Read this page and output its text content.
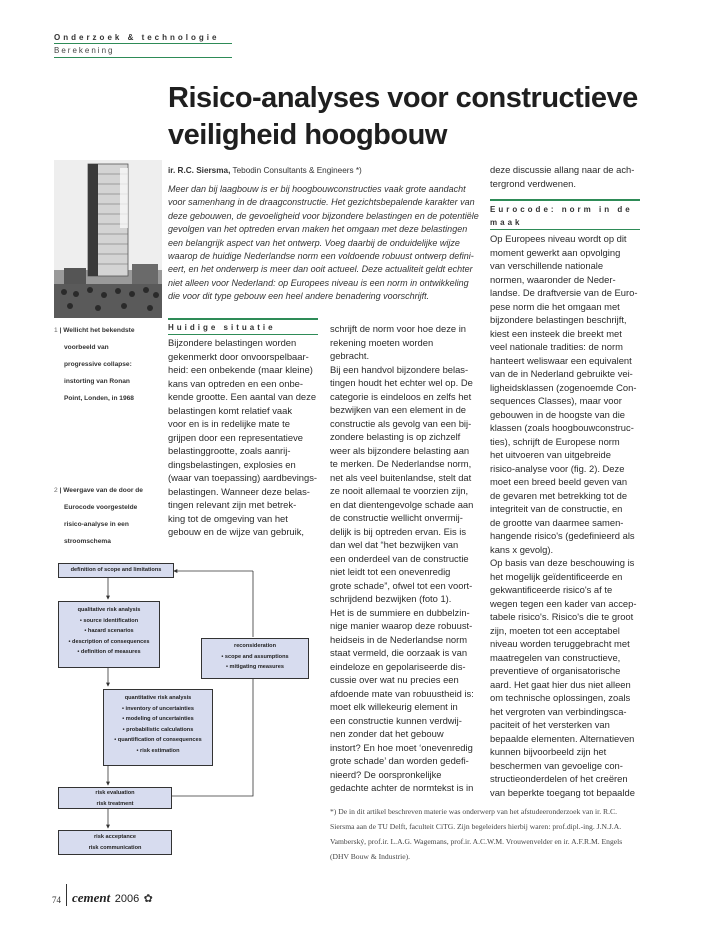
Onderzoek & technologie
Berekening
Risico-analyses voor constructieve
veiligheid hoogbouw
ir. R.C. Siersma, Tebodin Consultants & Engineers *)
Meer dan bij laagbouw is er bij hoogbouwconstructies vaak grote aandacht
voor samenhang in de draagconstructie. Het gezichtsbepalende karakter van
deze gebouwen, de gevoeligheid voor bijzondere belastingen en de potentiële
gevolgen van het optreden ervan maken het omgaan met deze belastingen
een belangrijk aspect van het ontwerp. Voeg daarbij de onduidelijke wijze
waarop de huidige Nederlandse norm een voldoende robuust ontwerp defini-
eert, en het onderwerp is meer dan ooit actueel. Deze actualiteit geldt echter
niet alleen voor Nederland: op Europees niveau is een norm in ontwikkeling
die voor dit type gebouw een heel andere benadering voorschrijft.
1 | Wellicht het bekendste
voorbeeld van
progressive collapse:
instorting van Ronan
Point, Londen, in 1968
2 | Weergave van de door de
Eurocode voorgestelde
risico-analyse in een
stroomschema
Huidige situatie
Bijzondere belastingen worden
gekenmerkt door onvoorspelbaar-
heid: een onbekende (maar kleine)
kans van optreden en een onbe-
kende grootte. Een aantal van deze
belastingen komt relatief vaak
voor en is in redelijke mate te
grijpen door een representatieve
belastinggrootte, zoals aanrij-
dingsbelastingen, explosies en
(waar van toepassing) aardbevings-
belastingen. Wanneer deze belas-
tingen relevant zijn met betrek-
king tot de omgeving van het
gebouw en de wijze van gebruik,
schrijft de norm voor hoe deze in
rekening moeten worden
gebracht.
Bij een handvol bijzondere belas-
tingen houdt het echter wel op. De
categorie is eindeloos en zelfs het
bezwijken van een element in de
constructie als gevolg van een bij-
zondere belasting is op zichzelf
weer als bijzondere belasting aan
te merken. De Nederlandse norm,
net als veel buitenlandse, stelt dat
ze nooit allemaal te voorzien zijn,
en dat dientengevolge schade aan
de constructie wellicht onvermij-
delijk is bij optreden ervan. Eis is
dan wel dat “het bezwijken van
een onderdeel van de constructie
niet leidt tot een onevenredig
grote schade”, ofwel tot een voort-
schrijdend bezwijken (foto 1).
Het is de summiere en dubbelzin-
nige manier waarop deze robuust-
heidseis in de Nederlandse norm
staat vermeld, die oorzaak is van
eindeloze en gepolariseerde dis-
cussie over wat nu precies een
afdoende mate van robuustheid is:
moet elk willekeurig element in
een constructie kunnen verdwij-
nen zonder dat het gebouw
instort? En hoe moet ‘onevenredig
grote schade’ dan worden gedefi-
nieerd? De oorspronkelijke
gedachte achter de normtekst is in
deze discussie allang naar de ach-
tergrond verdwenen.
Eurocode: norm in de
maak
Op Europees niveau wordt op dit
moment gewerkt aan opvolging
van verschillende nationale
normen, waaronder de Neder-
landse. De draftversie van de Euro-
pese norm die het omgaan met
bijzondere belastingen beschrijft,
kiest een insteek die breekt met
veel nationale tradities: de norm
hanteert weliswaar een equivalent
van de in Nederland gebruikte vei-
ligheidsklassen (zogenoemde Con-
sequences Classes), maar voor
gebouwen in de hoogste van die
klassen (zoals hoogbouwconstruc-
ties), schrijft de Europese norm
het uitvoeren van uitgebreide
risico-analyse voor (fig. 2). Deze
moet een breed beeld geven van
de gevaren met betrekking tot de
integriteit van de constructie, en
de grootte van daarmee samen-
hangende risico's (gedefinieerd als
kans x gevolg).
Op basis van deze beschouwing is
het mogelijk geïdentificeerde en
gekwantificeerde risico's af te
wegen tegen een kader van accep-
tabele risico's. Risico's die te groot
zijn, moeten tot een acceptabel
niveau worden teruggebracht met
maatregelen van constructieve,
preventieve of organisatorische
aard. Het gaat hier dus niet alleen
om technische oplossingen, zoals
het vergroten van verbindingsca-
paciteit of het versterken van
bepaalde elementen. Alternatieven
kunnen bijvoorbeeld zijn het
beschermen van gevoelige con-
structieonderdelen of het creëren
van beperkte toegang tot bepaalde
definition of scope and limitations
qualitative risk analysis
• source identification
• hazard scenarios
• description of consequences
• definition of measures
reconsideration
• scope and assumptions
• mitigating measures
quantitative risk analysis
• inventory of uncertainties
• modeling of uncertainties
• probabilistic calculations
• quantification of consequences
• risk estimation
risk evaluation
risk treatment
risk acceptance
risk communication
*) De in dit artikel beschreven materie was onderwerp van het afstudeeronderzoek van ir. R.C.
Siersma aan de TU Delft, faculteit CiTG. Zijn begeleiders hierbij waren: prof.dipl.-ing. J.N.J.A.
Vamberský, prof.ir. L.A.G. Wagemans, prof.ir. A.C.W.M. Vrouwenvelder en ir. A.F.R.M. Engels
(DHV Bouw & Industrie).
74 cement 2006 ✿
